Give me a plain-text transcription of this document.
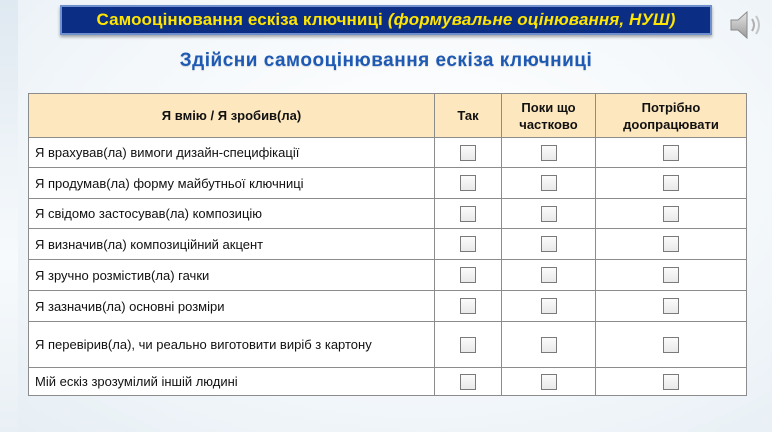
Самооцінювання ескіза ключниці (формувальне оцінювання, НУШ)
Здійсни самооцінювання ескіза ключниці
Я вмію / Я зробив(ла)	Так	Поки що частково	Потрібно доопрацювати
Я врахував(ла) вимоги дизайн-специфікації			
Я продумав(ла) форму майбутньої ключниці			
Я свідомо застосував(ла) композицію			
Я визначив(ла) композиційний акцент			
Я зручно розмістив(ла) гачки			
Я зазначив(ла) основні розміри			
Я перевірив(ла), чи реально виготовити виріб з картону			
Мій ескіз зрозумілий іншій людині			
